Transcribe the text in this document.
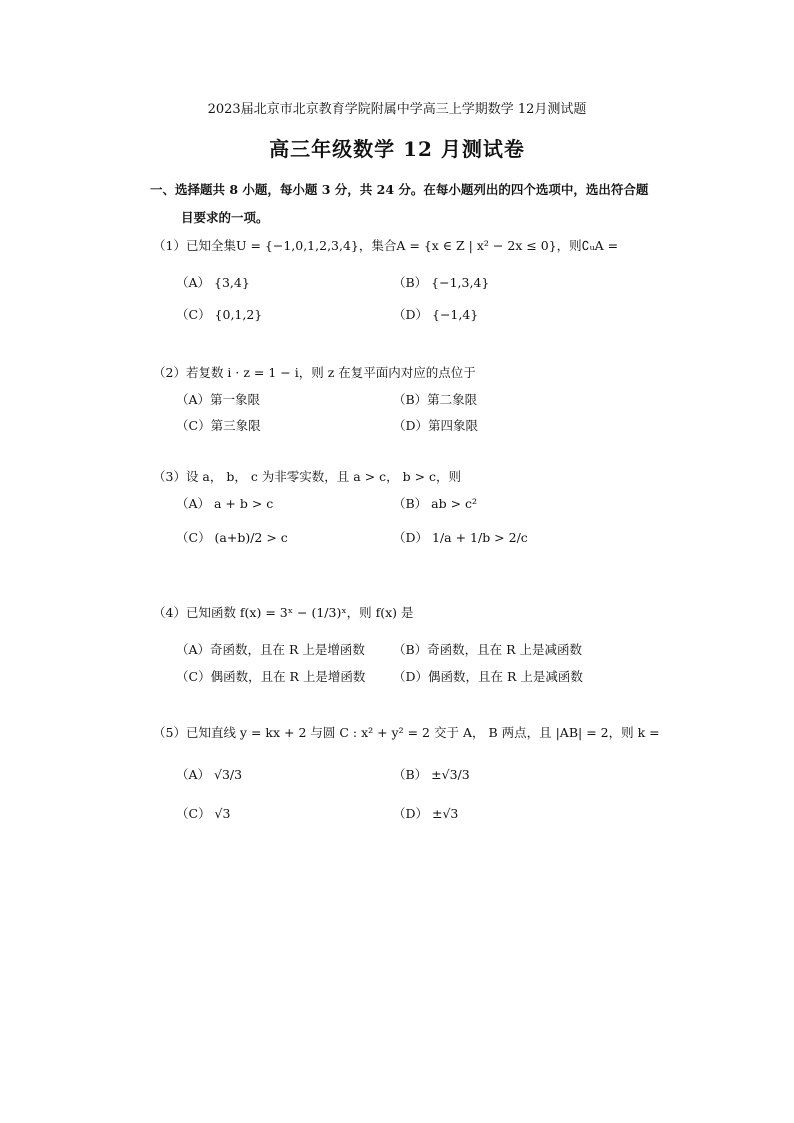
2023届北京市北京教育学院附属中学高三上学期数学 12月测试题
高三年级数学 12 月测试卷
一、选择题共 8 小题，每小题 3 分，共 24 分。在每小题列出的四个选项中，选出符合题
目要求的一项。
（1）已知全集U = {−1,0,1,2,3,4}，集合A = {x ∈ Z | x² − 2x ≤ 0}，则∁ᵤA =
（A） {3,4}	（B） {−1,3,4}
（C） {0,1,2}	（D） {−1,4}
（2）若复数 i · z = 1 − i，则 z 在复平面内对应的点位于
（A）第一象限	（B）第二象限
（C）第三象限	（D）第四象限
（3）设 a， b， c 为非零实数，且 a > c， b > c，则
（A） a + b > c	（B） ab > c²
（C） (a+b)/2 > c	（D） 1/a + 1/b > 2/c
（4）已知函数 f(x) = 3ˣ − (1/3)ˣ，则 f(x) 是
（A）奇函数，且在 R 上是增函数 （B）奇函数，且在 R 上是减函数
（C）偶函数，且在 R 上是增函数 （D）偶函数，且在 R 上是减函数
（5）已知直线 y = kx + 2 与圆 C : x² + y² = 2 交于 A， B 两点，且 |AB| = 2，则 k =
（A） √3/3	（B） ±√3/3
（C） √3	（D） ±√3
